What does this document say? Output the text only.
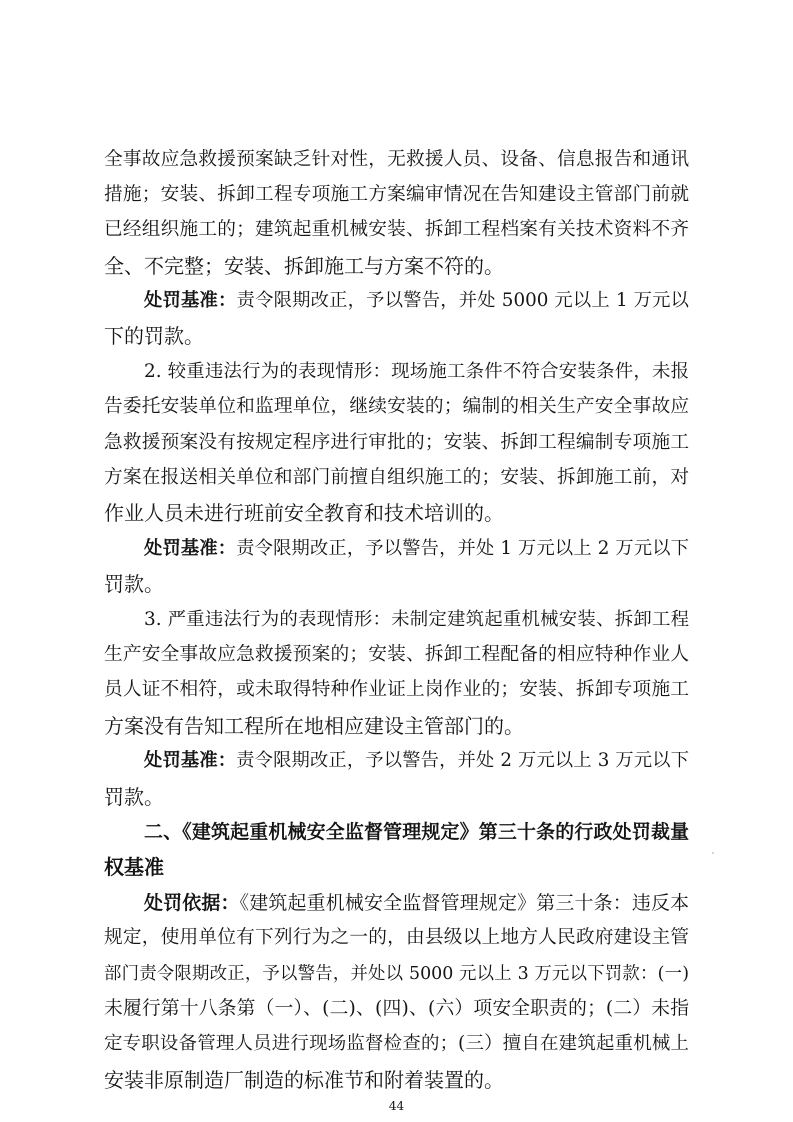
全事故应急救援预案缺乏针对性，无救援人员、设备、信息报告和通讯
措施；安装、拆卸工程专项施工方案编审情况在告知建设主管部门前就
已经组织施工的；建筑起重机械安装、拆卸工程档案有关技术资料不齐
全、不完整；安装、拆卸施工与方案不符的。
处罚基准：责令限期改正，予以警告，并处 5000 元以上 1 万元以
下的罚款。
2. 较重违法行为的表现情形：现场施工条件不符合安装条件，未报
告委托安装单位和监理单位，继续安装的；编制的相关生产安全事故应
急救援预案没有按规定程序进行审批的；安装、拆卸工程编制专项施工
方案在报送相关单位和部门前擅自组织施工的；安装、拆卸施工前，对
作业人员未进行班前安全教育和技术培训的。
处罚基准：责令限期改正，予以警告，并处 1 万元以上 2 万元以下
罚款。
3. 严重违法行为的表现情形：未制定建筑起重机械安装、拆卸工程
生产安全事故应急救援预案的；安装、拆卸工程配备的相应特种作业人
员人证不相符，或未取得特种作业证上岗作业的；安装、拆卸专项施工
方案没有告知工程所在地相应建设主管部门的。
处罚基准：责令限期改正，予以警告，并处 2 万元以上 3 万元以下
罚款。
二、《建筑起重机械安全监督管理规定》第三十条的行政处罚裁量
权基准
处罚依据：《建筑起重机械安全监督管理规定》第三十条：违反本
规定，使用单位有下列行为之一的，由县级以上地方人民政府建设主管
部门责令限期改正，予以警告，并处以 5000 元以上 3 万元以下罚款：(一)
未履行第十八条第（一）、(二)、(四)、(六）项安全职责的；(二）未指
定专职设备管理人员进行现场监督检查的；(三）擅自在建筑起重机械上
安装非原制造厂制造的标准节和附着装置的。
44
